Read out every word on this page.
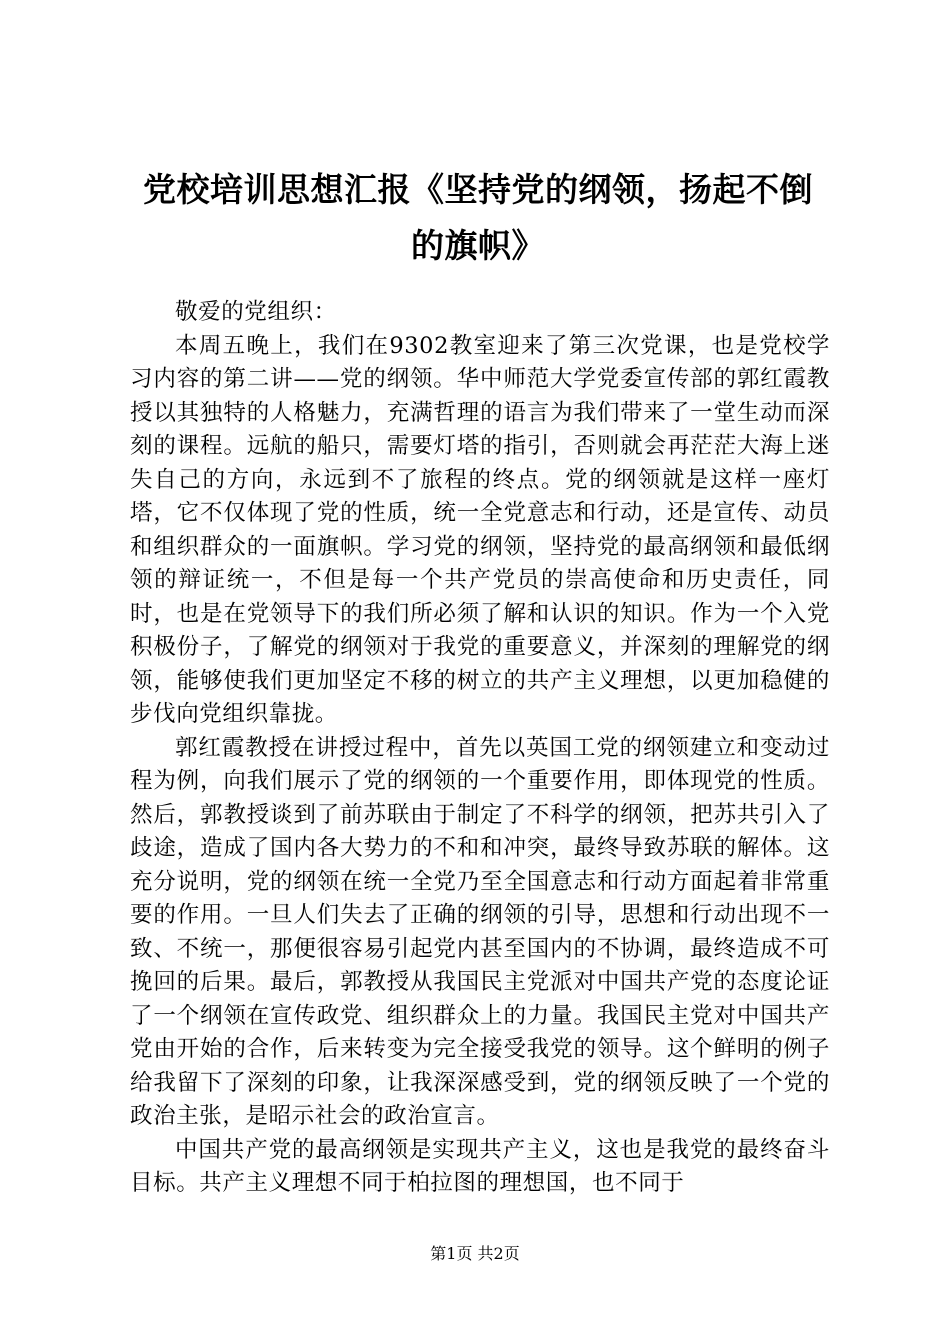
党校培训思想汇报《坚持党的纲领，扬起不倒的旗帜》

敬爱的党组织：

本周五晚上，我们在9302教室迎来了第三次党课，也是党校学习内容的第二讲——党的纲领。华中师范大学党委宣传部的郭红霞教授以其独特的人格魅力，充满哲理的语言为我们带来了一堂生动而深刻的课程。远航的船只，需要灯塔的指引，否则就会再茫茫大海上迷失自己的方向，永远到不了旅程的终点。党的纲领就是这样一座灯塔，它不仅体现了党的性质，统一全党意志和行动，还是宣传、动员和组织群众的一面旗帜。学习党的纲领，坚持党的最高纲领和最低纲领的辩证统一，不但是每一个共产党员的崇高使命和历史责任，同时，也是在党领导下的我们所必须了解和认识的知识。作为一个入党积极份子，了解党的纲领对于我党的重要意义，并深刻的理解党的纲领，能够使我们更加坚定不移的树立的共产主义理想，以更加稳健的步伐向党组织靠拢。

郭红霞教授在讲授过程中，首先以英国工党的纲领建立和变动过程为例，向我们展示了党的纲领的一个重要作用，即体现党的性质。然后，郭教授谈到了前苏联由于制定了不科学的纲领，把苏共引入了歧途，造成了国内各大势力的不和和冲突，最终导致苏联的解体。这充分说明，党的纲领在统一全党乃至全国意志和行动方面起着非常重要的作用。一旦人们失去了正确的纲领的引导，思想和行动出现不一致、不统一，那便很容易引起党内甚至国内的不协调，最终造成不可挽回的后果。最后，郭教授从我国民主党派对中国共产党的态度论证了一个纲领在宣传政党、组织群众上的力量。我国民主党对中国共产党由开始的合作，后来转变为完全接受我党的领导。这个鲜明的例子给我留下了深刻的印象，让我深深感受到，党的纲领反映了一个党的政治主张，是昭示社会的政治宣言。

中国共产党的最高纲领是实现共产主义，这也是我党的最终奋斗目标。共产主义理想不同于柏拉图的理想国，也不同于

第1页 共2页
